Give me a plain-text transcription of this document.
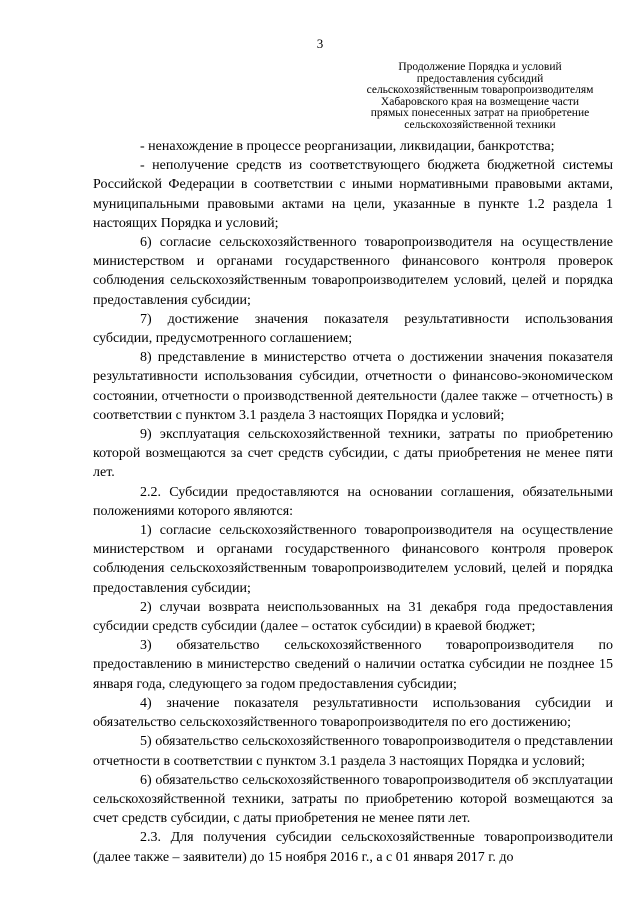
3
Продолжение Порядка и условий
предоставления субсидий
сельскохозяйственным товаропроизводителям
Хабаровского края на возмещение части
прямых понесенных затрат на приобретение
сельскохозяйственной техники

- ненахождение в процессе реорганизации, ликвидации, банкротства;

- неполучение средств из соответствующего бюджета бюджетной системы Российской Федерации в соответствии с иными нормативными правовыми актами, муниципальными правовыми актами на цели, указанные в пункте 1.2 раздела 1 настоящих Порядка и условий;

6) согласие сельскохозяйственного товаропроизводителя на осуществление министерством и органами государственного финансового контроля проверок соблюдения сельскохозяйственным товаропроизводителем условий, целей и порядка предоставления субсидии;

7) достижение значения показателя результативности использования субсидии, предусмотренного соглашением;

8) представление в министерство отчета о достижении значения показателя результативности использования субсидии, отчетности о финансово-экономическом состоянии, отчетности о производственной деятельности (далее также – отчетность) в соответствии с пунктом 3.1 раздела 3 настоящих Порядка и условий;

9) эксплуатация сельскохозяйственной техники, затраты по приобретению которой возмещаются за счет средств субсидии, с даты приобретения не менее пяти лет.

2.2. Субсидии предоставляются на основании соглашения, обязательными положениями которого являются:

1) согласие сельскохозяйственного товаропроизводителя на осуществление министерством и органами государственного финансового контроля проверок соблюдения сельскохозяйственным товаропроизводителем условий, целей и порядка предоставления субсидии;

2) случаи возврата неиспользованных на 31 декабря года предоставления субсидии средств субсидии (далее – остаток субсидии) в краевой бюджет;

3) обязательство сельскохозяйственного товаропроизводителя по предоставлению в министерство сведений о наличии остатка субсидии не позднее 15 января года, следующего за годом предоставления субсидии;

4) значение показателя результативности использования субсидии и обязательство сельскохозяйственного товаропроизводителя по его достижению;

5) обязательство сельскохозяйственного товаропроизводителя о представлении отчетности в соответствии с пунктом 3.1 раздела 3 настоящих Порядка и условий;

6) обязательство сельскохозяйственного товаропроизводителя об эксплуатации сельскохозяйственной техники, затраты по приобретению которой возмещаются за счет средств субсидии, с даты приобретения не менее пяти лет.

2.3. Для получения субсидии сельскохозяйственные товаропроизводители (далее также – заявители) до 15 ноября 2016 г., а с 01 января 2017 г. до
